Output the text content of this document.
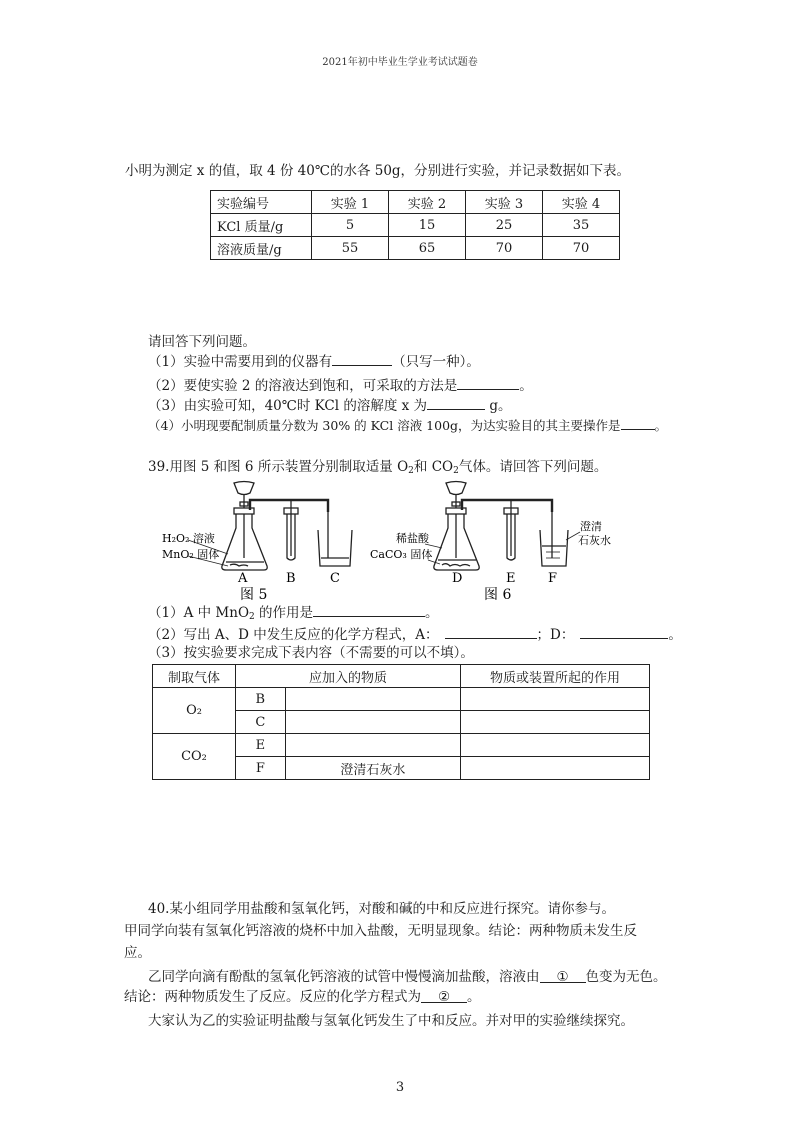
2021年初中毕业生学业考试试题卷
小明为测定 x 的值，取 4 份 40℃的水各 50g，分别进行实验，并记录数据如下表。
实验编号	实验 1	实验 2	实验 3	实验 4
KCl 质量/g	5	15	25	35
溶液质量/g	55	65	70	70
请回答下列问题。
（1）实验中需要用到的仪器有	（只写一种）。
（2）要使实验 2 的溶液达到饱和，可采取的方法是	。
（3）由实验可知，40℃时 KCl 的溶解度 x 为	g。
（4）小明现要配制质量分数为 30% 的 KCl 溶液 100g，为达实验目的其主要操作是	。
39.用图 5 和图 6 所示装置分别制取适量 $O_2$和 $CO_2$气体。请回答下列问题。
H₂O₂ 溶液
MnO₂ 固体
A	B	C
图 5
稀盐酸
CaCO₃ 固体
澄清
石灰水
D	E	F
图 6
（1）A 中 MnO$_2$ 的作用是	。
（2）写出 A、D 中发生反应的化学方程式，A：	；D：	。
（3）按实验要求完成下表内容（不需要的可以不填）。
制取气体	应加入的物质		物质或装置所起的作用
O₂	B		
	C		
CO₂	E		
	F	澄清石灰水	
40.某小组同学用盐酸和氢氧化钙，对酸和碱的中和反应进行探究。请你参与。
甲同学向装有氢氧化钙溶液的烧杯中加入盐酸，无明显现象。结论：两种物质未发生反
应。
乙同学向滴有酚酞的氢氧化钙溶液的试管中慢慢滴加盐酸，溶液由 ① 色变为无色。
结论：两种物质发生了反应。反应的化学方程式为 ② 。
大家认为乙的实验证明盐酸与氢氧化钙发生了中和反应。并对甲的实验继续探究。
3
